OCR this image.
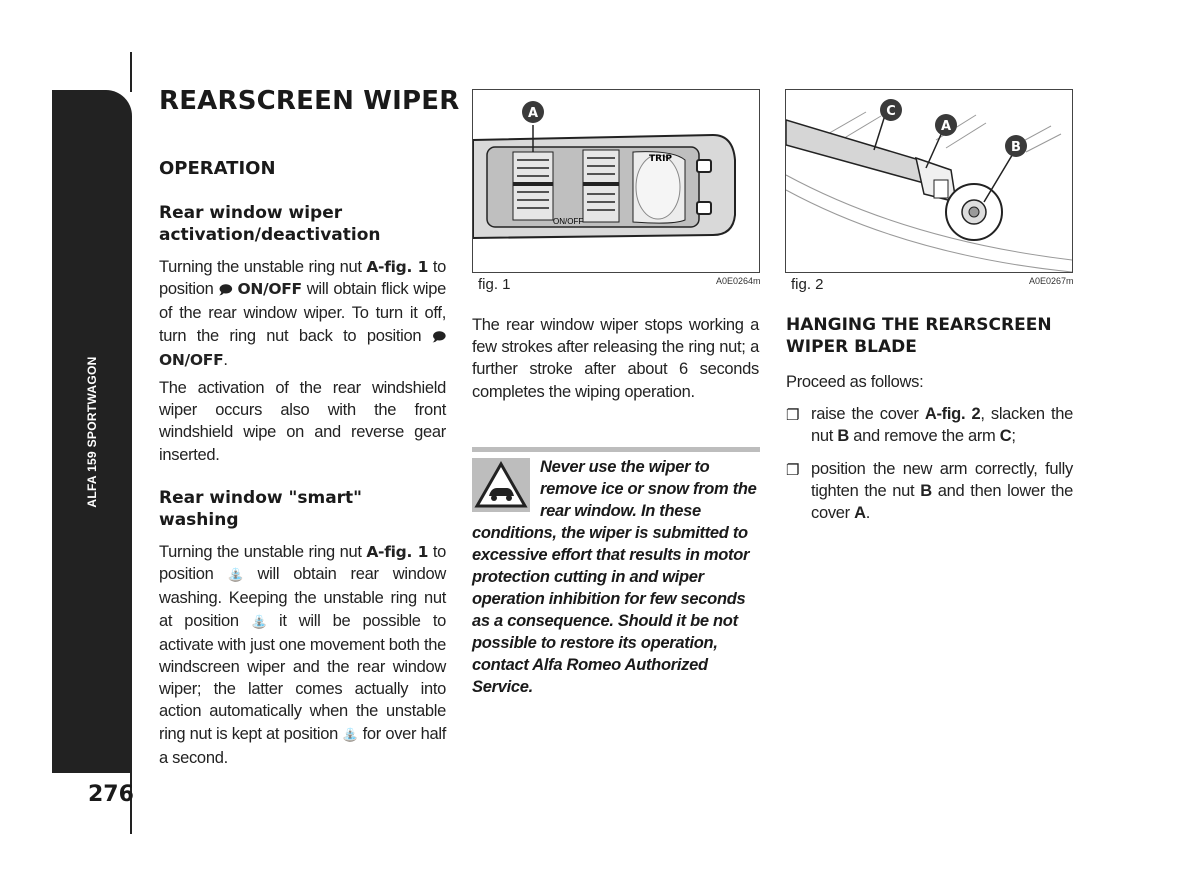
ALFA 159 SPORTWAGON
276
REARSCREEN WIPER
OPERATION
Rear window wiper activation/deactivation
Turning the unstable ring nut A-fig. 1 to position 🗩 ON/OFF will obtain flick wipe of the rear window wiper. To turn it off, turn the ring nut back to position 🗩 ON/OFF.
The activation of the rear windshield wiper occurs also with the front windshield wipe on and reverse gear inserted.
Rear window "smart" washing
Turning the unstable ring nut A-fig. 1 to position ⛲ will obtain rear window washing. Keeping the unstable ring nut at position ⛲ it will be possible to activate with just one movement both the windscreen wiper and the rear window wiper; the latter comes actually into action automatically when the unstable ring nut is kept at position ⛲ for over half a second.
TRIP
ON/OFF
A
fig. 1	A0E0264m
The rear window wiper stops working a few strokes after releasing the ring nut; a further stroke after about 6 seconds completes the wiping operation.
Never use the wiper to remove ice or snow from the rear window. In these conditions, the wiper is submitted to excessive effort that results in motor protection cutting in and wiper operation inhibition for few seconds as a consequence. Should it be not possible to restore its operation, contact Alfa Romeo Authorized Service.
C
A
B
fig. 2	A0E0267m
HANGING THE REARSCREEN WIPER BLADE
Proceed as follows:
❐ raise the cover A-fig. 2, slacken the nut B and remove the arm C;
❐ position the new arm correctly, fully tighten the nut B and then lower the cover A.
